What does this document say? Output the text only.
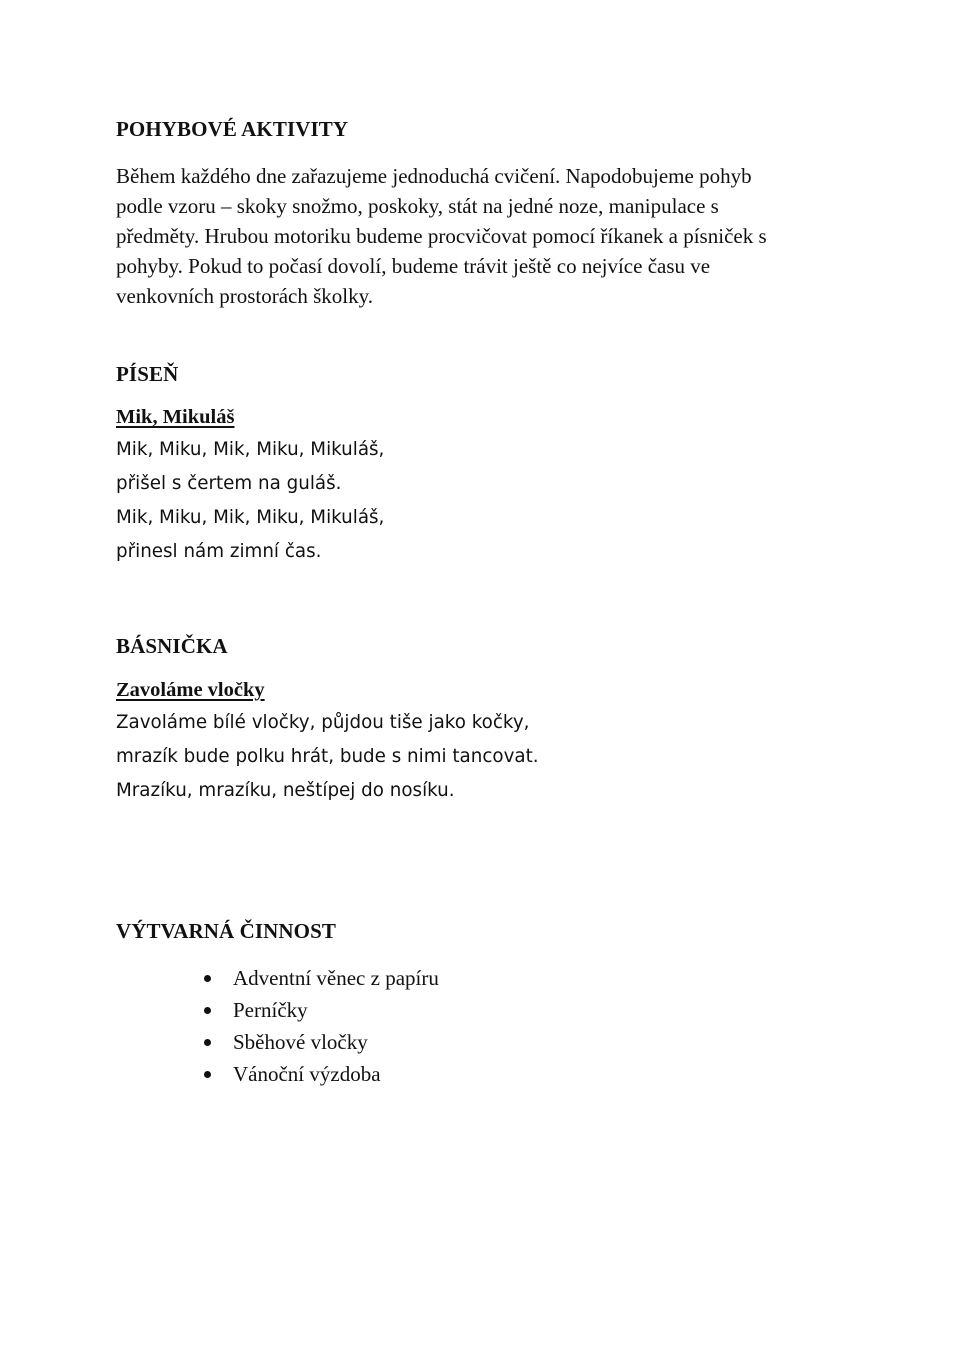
POHYBOVÉ AKTIVITY
Během každého dne zařazujeme jednoduchá cvičení. Napodobujeme pohyb
podle vzoru – skoky snožmo, poskoky, stát na jedné noze, manipulace s
předměty. Hrubou motoriku budeme procvičovat pomocí říkanek a písniček s
pohyby. Pokud to počasí dovolí, budeme trávit ještě co nejvíce času ve
venkovních prostorách školky.
PÍSEŇ
Mik, Mikuláš
Mik, Miku, Mik, Miku, Mikuláš,
přišel s čertem na guláš.
Mik, Miku, Mik, Miku, Mikuláš,
přinesl nám zimní čas.
BÁSNIČKA
Zavoláme vločky
Zavoláme bílé vločky, půjdou tiše jako kočky,
mrazík bude polku hrát, bude s nimi tancovat.
Mrazíku, mrazíku, neštípej do nosíku.
VÝTVARNÁ ČINNOST
Adventní věnec z papíru
Perníčky
Sběhové vločky
Vánoční výzdoba
